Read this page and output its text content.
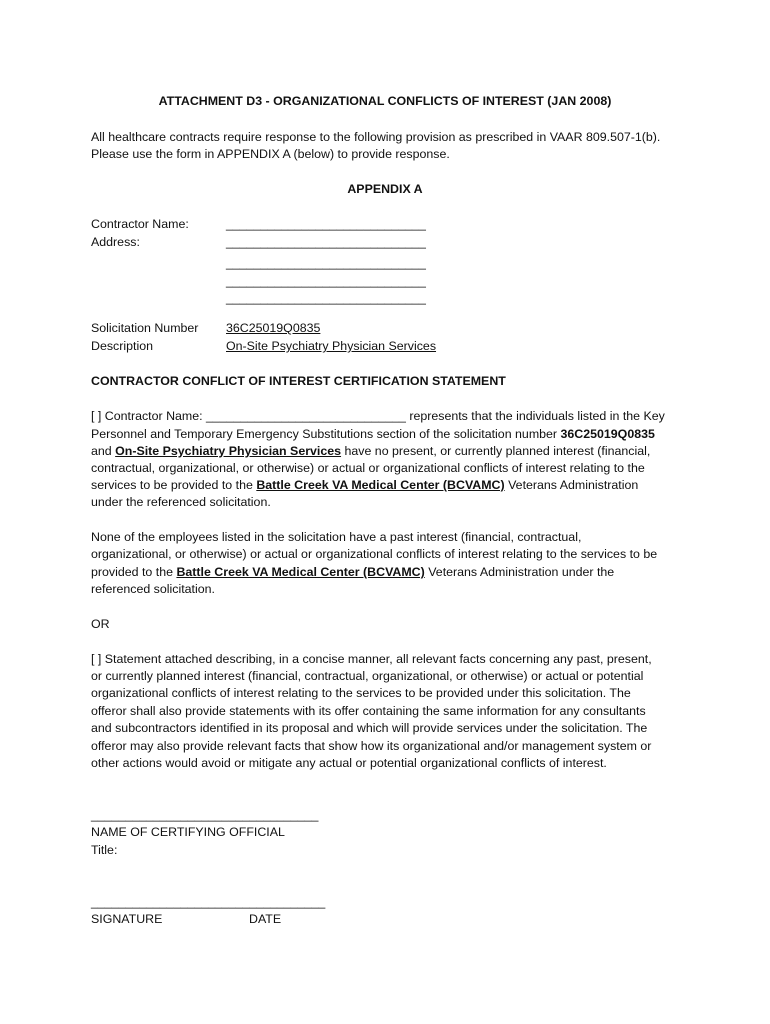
ATTACHMENT D3 - ORGANIZATIONAL CONFLICTS OF INTEREST (JAN 2008)
All healthcare contracts require response to the following provision as prescribed in VAAR 809.507-1(b).
Please use the form in APPENDIX A (below) to provide response.
APPENDIX A
Contractor Name:	_____________________________
Address:	_____________________________
_____________________________
_____________________________
_____________________________
Solicitation Number 36C25019Q0835
Description	On-Site Psychiatry Physician Services
CONTRACTOR CONFLICT OF INTEREST CERTIFICATION STATEMENT
[ ] Contractor Name: _____________________________ represents that the individuals listed in the Key
Personnel and Temporary Emergency Substitutions section of the solicitation number 36C25019Q0835
and On-Site Psychiatry Physician Services have no present, or currently planned interest (financial,
contractual, organizational, or otherwise) or actual or organizational conflicts of interest relating to the
services to be provided to the Battle Creek VA Medical Center (BCVAMC) Veterans Administration
under the referenced solicitation.
None of the employees listed in the solicitation have a past interest (financial, contractual,
organizational, or otherwise) or actual or organizational conflicts of interest relating to the services to be
provided to the Battle Creek VA Medical Center (BCVAMC) Veterans Administration under the
referenced solicitation.
OR
[ ] Statement attached describing, in a concise manner, all relevant facts concerning any past, present,
or currently planned interest (financial, contractual, organizational, or otherwise) or actual or potential
organizational conflicts of interest relating to the services to be provided under this solicitation. The
offeror shall also provide statements with its offer containing the same information for any consultants
and subcontractors identified in its proposal and which will provide services under the solicitation. The
offeror may also provide relevant facts that show how its organizational and/or management system or
other actions would avoid or mitigate any actual or potential organizational conflicts of interest.
_________________________________
NAME OF CERTIFYING OFFICIAL
Title:
__________________________________
SIGNATURE	DATE
